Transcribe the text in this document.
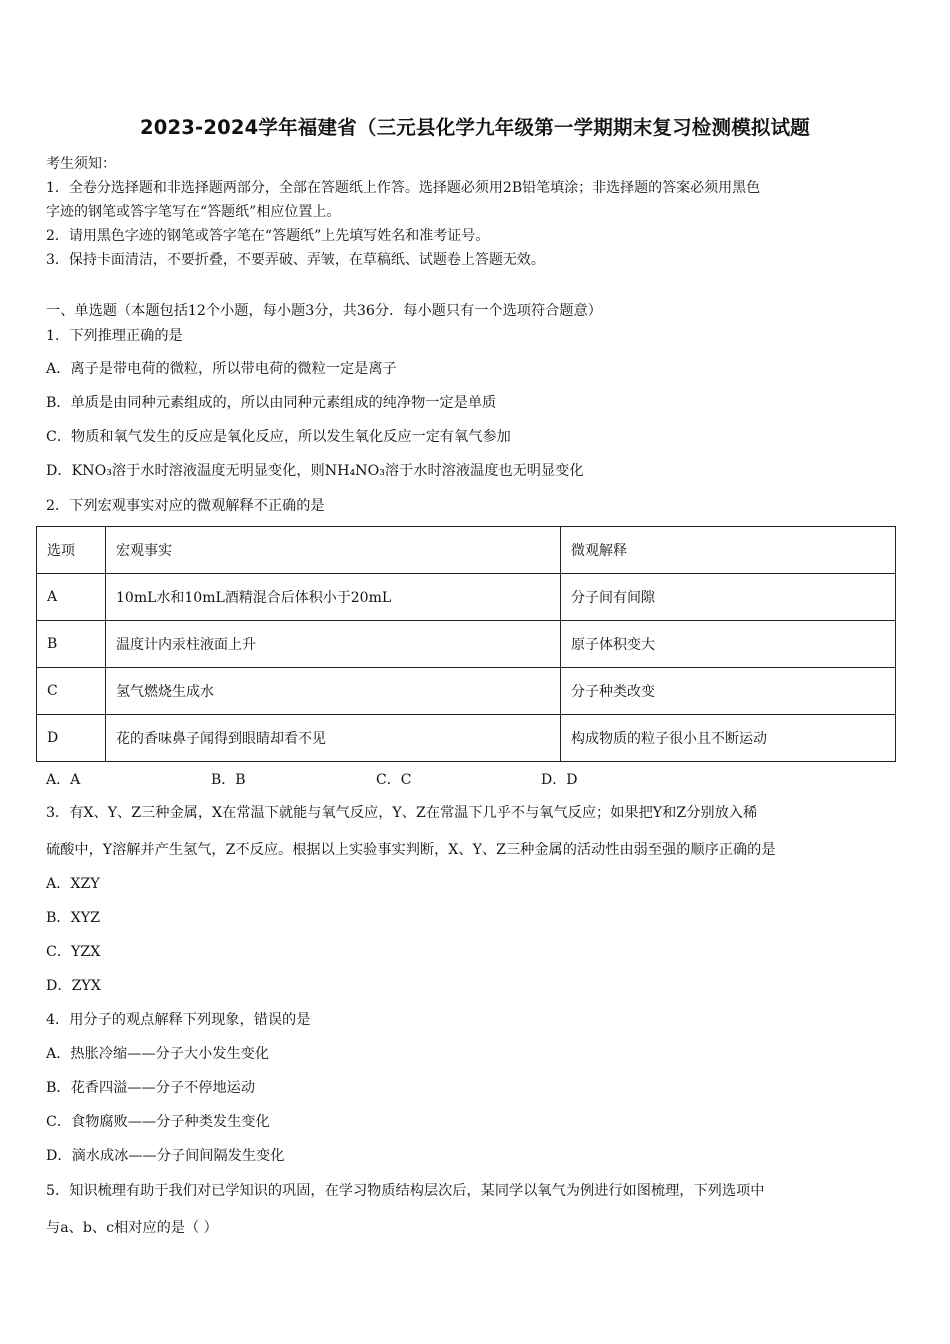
2023-2024学年福建省（三元县化学九年级第一学期期末复习检测模拟试题
考生须知：
1．全卷分选择题和非选择题两部分，全部在答题纸上作答。选择题必须用2B铅笔填涂；非选择题的答案必须用黑色
字迹的钢笔或答字笔写在“答题纸”相应位置上。
2．请用黑色字迹的钢笔或答字笔在“答题纸”上先填写姓名和准考证号。
3．保持卡面清洁，不要折叠，不要弄破、弄皱，在草稿纸、试题卷上答题无效。
一、单选题（本题包括12个小题，每小题3分，共36分．每小题只有一个选项符合题意）
1．下列推理正确的是
A．离子是带电荷的微粒，所以带电荷的微粒一定是离子
B．单质是由同种元素组成的，所以由同种元素组成的纯净物一定是单质
C．物质和氧气发生的反应是氧化反应，所以发生氧化反应一定有氧气参加
D．KNO₃溶于水时溶液温度无明显变化，则NH₄NO₃溶于水时溶液温度也无明显变化
2．下列宏观事实对应的微观解释不正确的是
选项	宏观事实	微观解释
A	10mL水和10mL酒精混合后体积小于20mL	分子间有间隙
B	温度计内汞柱液面上升	原子体积变大
C	氢气燃烧生成水	分子种类改变
D	花的香味鼻子闻得到眼睛却看不见	构成物质的粒子很小且不断运动
A．A	B．B	C．C	D．D
3．有X、Y、Z三种金属，X在常温下就能与氧气反应，Y、Z在常温下几乎不与氧气反应；如果把Y和Z分别放入稀
硫酸中，Y溶解并产生氢气，Z不反应。根据以上实验事实判断，X、Y、Z三种金属的活动性由弱至强的顺序正确的是
A．XZY
B．XYZ
C．YZX
D．ZYX
4．用分子的观点解释下列现象，错误的是
A．热胀冷缩——分子大小发生变化
B．花香四溢——分子不停地运动
C．食物腐败——分子种类发生变化
D．滴水成冰——分子间间隔发生变化
5．知识梳理有助于我们对已学知识的巩固，在学习物质结构层次后，某同学以氧气为例进行如图梳理，下列选项中
与a、b、c相对应的是（ ）
